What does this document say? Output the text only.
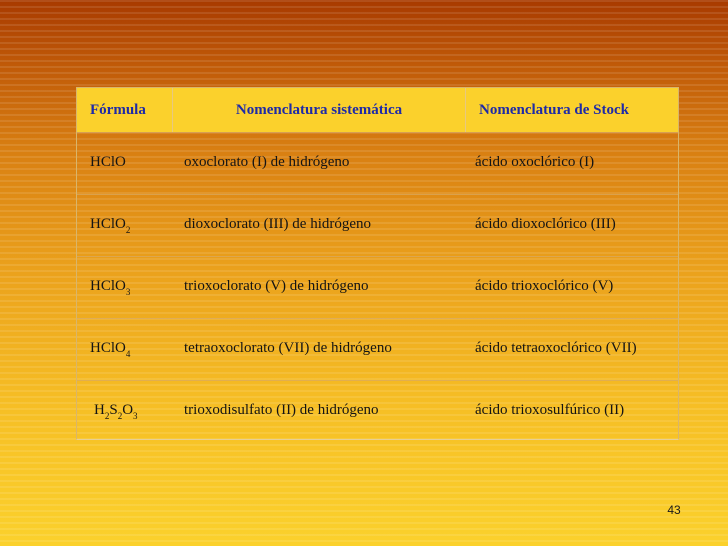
Fórmula	Nomenclatura sistemática	Nomenclatura de Stock
HClO	oxoclorato (I) de hidrógeno	ácido oxoclórico (I)
HClO$_2$	dioxoclorato (III) de hidrógeno	ácido dioxoclórico (III)
HClO$_3$	trioxoclorato (V) de hidrógeno	ácido trioxoclórico (V)
HClO$_4$	tetraoxoclorato (VII) de hidrógeno	ácido tetraoxoclórico (VII)
$H_2S_2O_3$	trioxodisulfato (II) de hidrógeno	ácido trioxosulfúrico (II)
43
